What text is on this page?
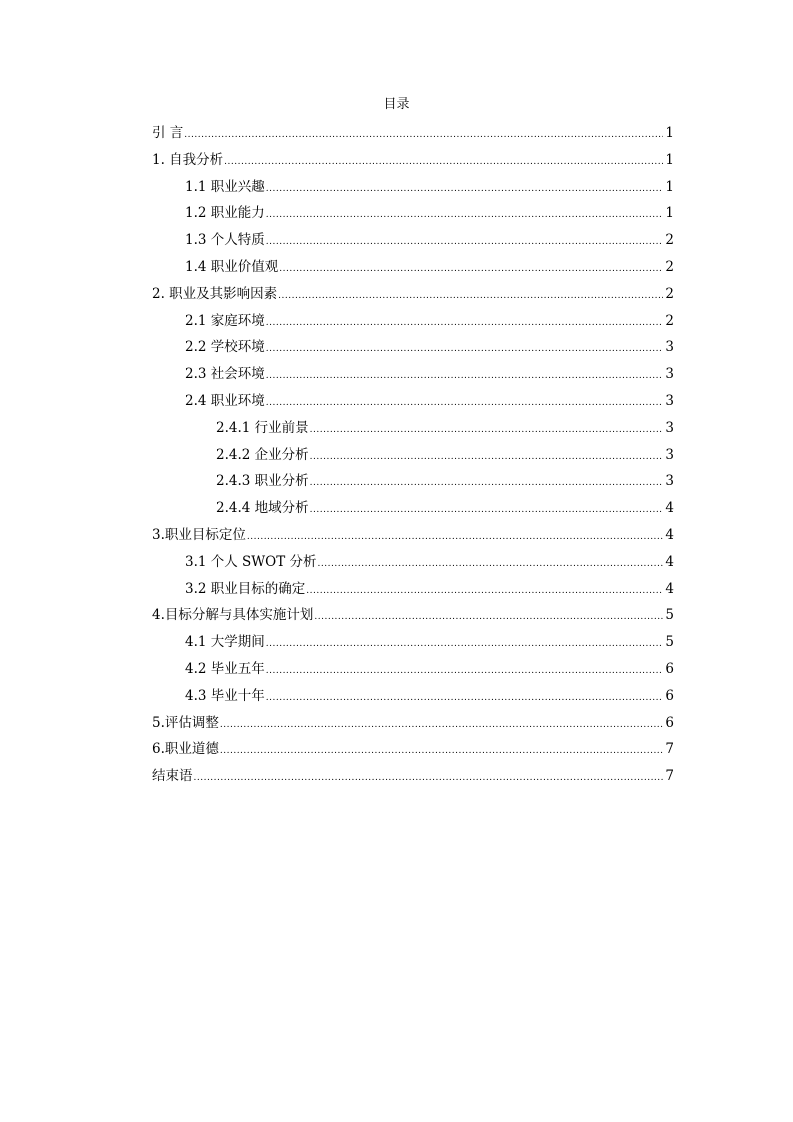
目录
引 言 .....	1
1. 自我分析 .....	1
1.1 职业兴趣 .....	1
1.2 职业能力 .....	1
1.3 个人特质 .....	2
1.4 职业价值观 .....	2
2. 职业及其影响因素 .....	2
2.1 家庭环境 .....	2
2.2 学校环境 .....	3
2.3 社会环境 .....	3
2.4 职业环境 .....	3
2.4.1 行业前景 .....	3
2.4.2 企业分析 .....	3
2.4.3 职业分析 .....	3
2.4.4 地域分析 .....	4
3.职业目标定位 .....	4
3.1 个人 SWOT 分析 .....	4
3.2 职业目标的确定 .....	4
4.目标分解与具体实施计划 .....	5
4.1 大学期间 .....	5
4.2 毕业五年 .....	6
4.3 毕业十年 .....	6
5.评估调整 .....	6
6.职业道德 .....	7
结束语 .....	7
